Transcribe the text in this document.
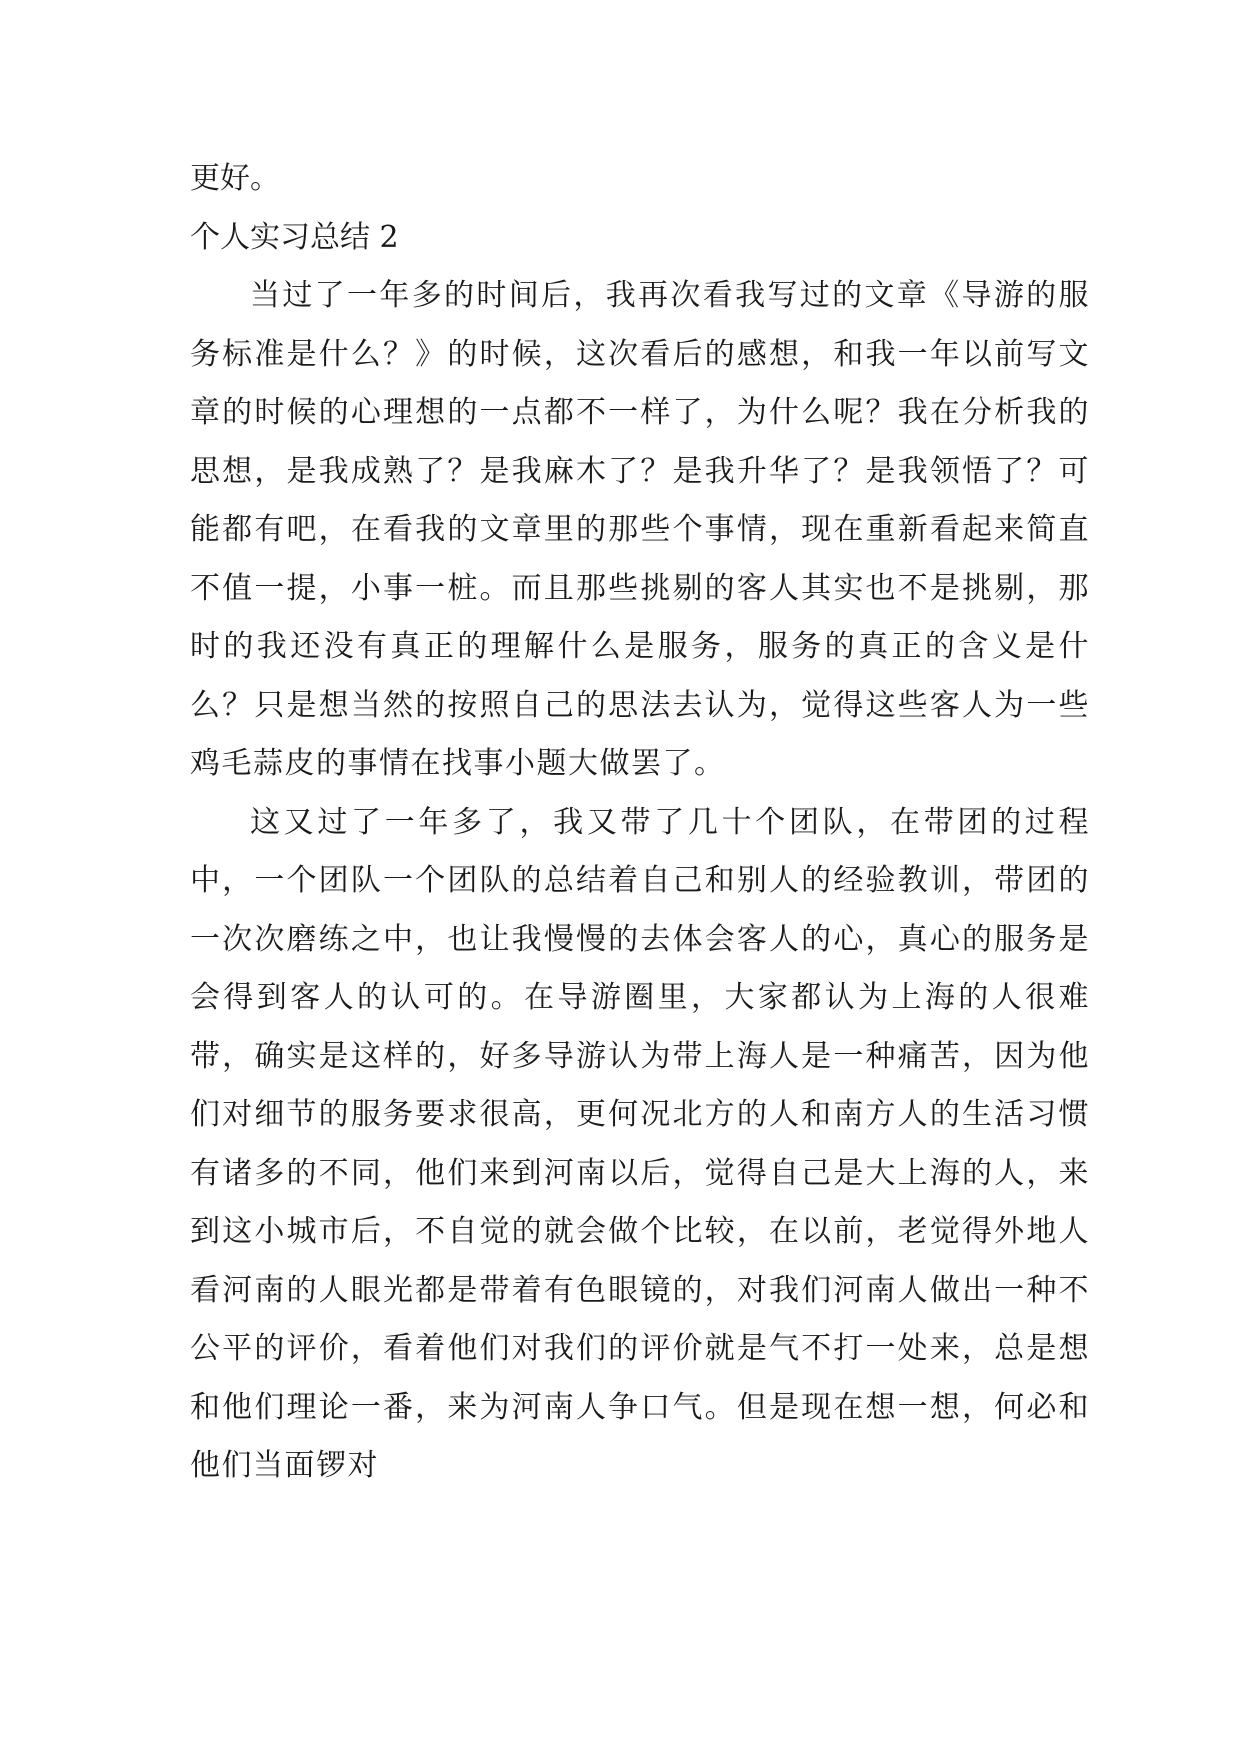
更好。
个人实习总结 2

当过了一年多的时间后，我再次看我写过的文章《导游的服务标准是什么？》的时候，这次看后的感想，和我一年以前写文章的时候的心理想的一点都不一样了，为什么呢？我在分析我的思想，是我成熟了？是我麻木了？是我升华了？是我领悟了？可能都有吧，在看我的文章里的那些个事情，现在重新看起来简直不值一提，小事一桩。而且那些挑剔的客人其实也不是挑剔，那时的我还没有真正的理解什么是服务，服务的真正的含义是什么？只是想当然的按照自己的思法去认为，觉得这些客人为一些鸡毛蒜皮的事情在找事小题大做罢了。

这又过了一年多了，我又带了几十个团队，在带团的过程中，一个团队一个团队的总结着自己和别人的经验教训，带团的一次次磨练之中，也让我慢慢的去体会客人的心，真心的服务是会得到客人的认可的。在导游圈里，大家都认为上海的人很难带，确实是这样的，好多导游认为带上海人是一种痛苦，因为他们对细节的服务要求很高，更何况北方的人和南方人的生活习惯有诸多的不同，他们来到河南以后，觉得自己是大上海的人，来到这小城市后，不自觉的就会做个比较，在以前，老觉得外地人看河南的人眼光都是带着有色眼镜的，对我们河南人做出一种不公平的评价，看着他们对我们的评价就是气不打一处来，总是想和他们理论一番，来为河南人争口气。但是现在想一想，何必和他们当面锣对
